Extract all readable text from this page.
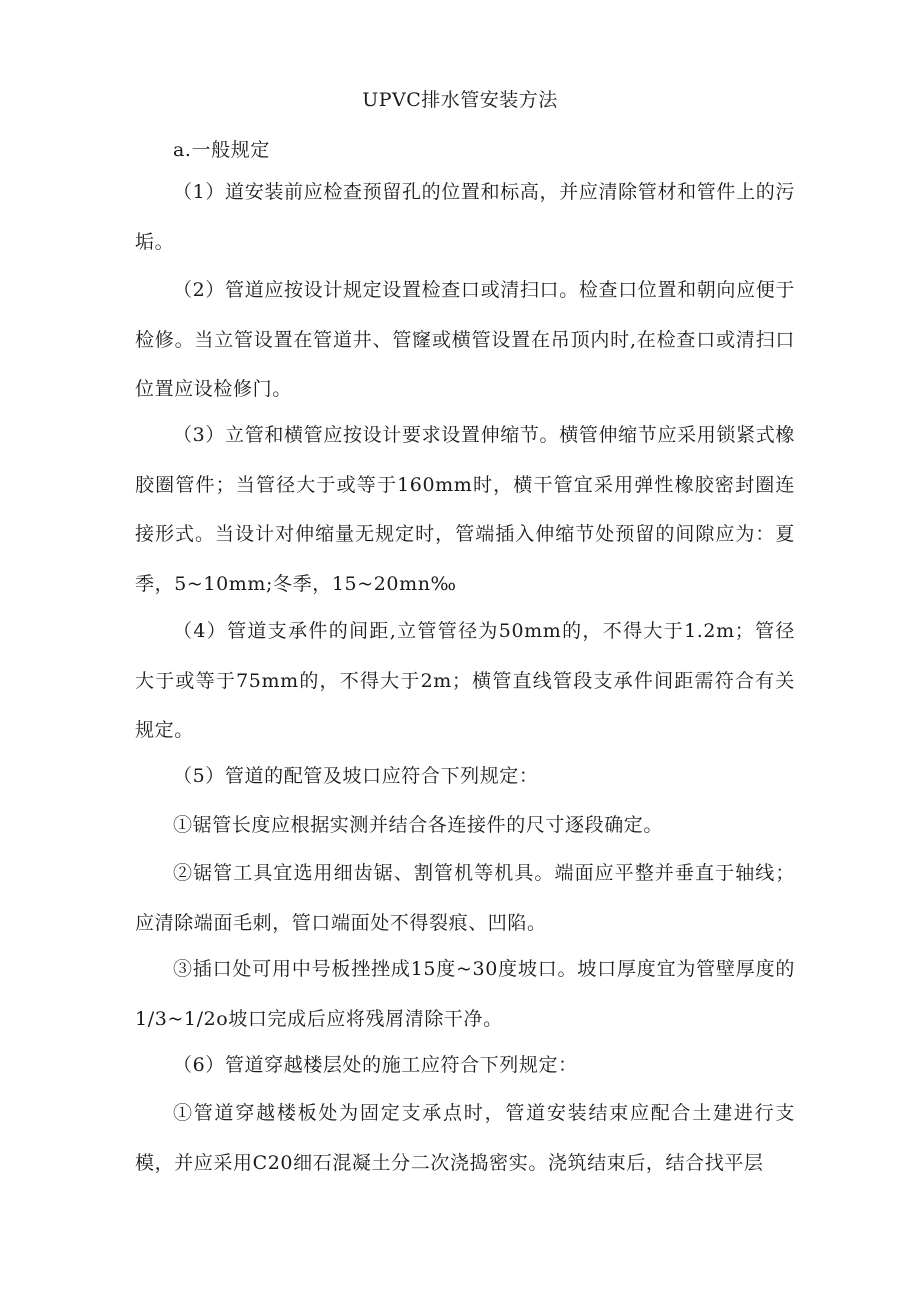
UPVC排水管安装方法

a.一般规定

（1）道安装前应检查预留孔的位置和标高，并应清除管材和管件上的污垢。

（2）管道应按设计规定设置检查口或清扫口。检查口位置和朝向应便于检修。当立管设置在管道井、管窿或横管设置在吊顶内时,在检查口或清扫口位置应设检修门。

（3）立管和横管应按设计要求设置伸缩节。横管伸缩节应采用锁紧式橡胶圈管件；当管径大于或等于160mm时，横干管宜采用弹性橡胶密封圈连接形式。当设计对伸缩量无规定时，管端插入伸缩节处预留的间隙应为：夏季，5~10mm;冬季，15~20mn‰

（4）管道支承件的间距,立管管径为50mm的，不得大于1.2m；管径大于或等于75mm的，不得大于2m；横管直线管段支承件间距需符合有关规定。

（5）管道的配管及坡口应符合下列规定：

①锯管长度应根据实测并结合各连接件的尺寸逐段确定。

②锯管工具宜选用细齿锯、割管机等机具。端面应平整并垂直于轴线；应清除端面毛刺，管口端面处不得裂痕、凹陷。

③插口处可用中号板挫挫成15度~30度坡口。坡口厚度宜为管壁厚度的1/3~1/2o坡口完成后应将残屑清除干净。

（6）管道穿越楼层处的施工应符合下列规定：

①管道穿越楼板处为固定支承点时，管道安装结束应配合土建进行支模，并应采用C20细石混凝土分二次浇捣密实。浇筑结束后，结合找平层
